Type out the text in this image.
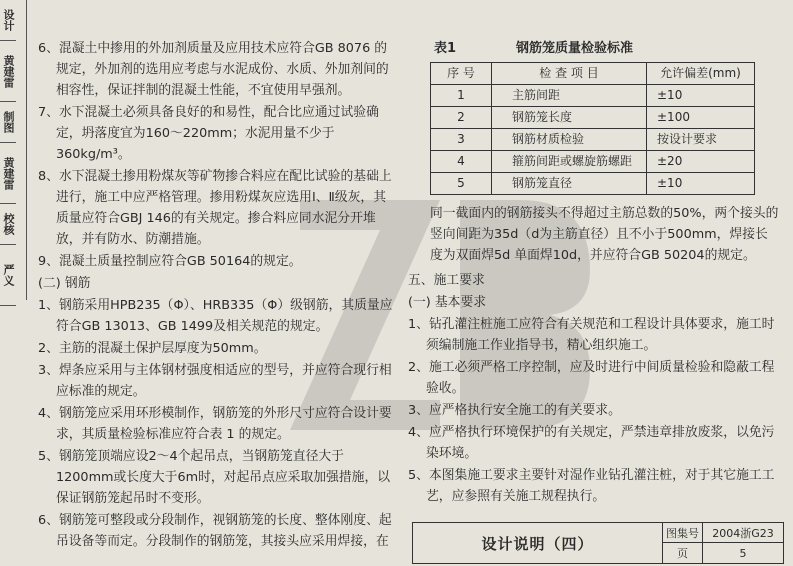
设计
黄建雷
制图
黄建雷
校核
严义

6、混凝土中掺用的外加剂质量及应用技术应符合GB 8076 的规定，外加剂的选用应考虑与水泥成份、水质、外加剂间的相容性，保证拌制的混凝土性能，不宜使用早强剂。

7、水下混凝土必须具备良好的和易性，配合比应通过试验确定，坍落度宜为160～220mm；水泥用量不少于360kg/m³。

8、水下混凝土掺用粉煤灰等矿物掺合料应在配比试验的基础上进行，施工中应严格管理。掺用粉煤灰应选用Ⅰ、Ⅱ级灰，其质量应符合GBJ 146的有关规定。掺合料应同水泥分开堆放，并有防水、防潮措施。

9、混凝土质量控制应符合GB 50164的规定。

(二) 钢筋

1、钢筋采用HPB235（Φ）、HRB335（Φ）级钢筋，其质量应符合GB 13013、GB 1499及相关规范的规定。

2、主筋的混凝土保护层厚度为50mm。

3、焊条应采用与主体钢材强度相适应的型号，并应符合现行相应标准的规定。

4、钢筋笼应采用环形模制作，钢筋笼的外形尺寸应符合设计要求，其质量检验标准应符合表 1 的规定。

5、钢筋笼顶端应设2～4个起吊点，当钢筋笼直径大于1200mm或长度大于6m时，对起吊点应采取加强措施，以保证钢筋笼起吊时不变形。

6、钢筋笼可整段或分段制作，视钢筋笼的长度、整体刚度、起吊设备等而定。分段制作的钢筋笼，其接头应采用焊接，在

表1	钢筋笼质量检验标准
序 号	检 查 项 目	允许偏差(mm)
1	主筋间距	±10
2	钢筋笼长度	±100
3	钢筋材质检验	按设计要求
4	箍筋间距或螺旋筋螺距	±20
5	钢筋笼直径	±10

同一截面内的钢筋接头不得超过主筋总数的50%，两个接头的竖向间距为35d（d为主筋直径）且不小于500mm，焊接长度为双面焊5d 单面焊10d，并应符合GB 50204的规定。

五、施工要求

(一) 基本要求

1、钻孔灌注桩施工应符合有关规范和工程设计具体要求，施工时须编制施工作业指导书，精心组织施工。

2、施工必须严格工序控制，应及时进行中间质量检验和隐蔽工程验收。

3、应严格执行安全施工的有关要求。

4、应严格执行环境保护的有关规定，严禁违章排放废浆，以免污染环境。

5、本图集施工要求主要针对湿作业钻孔灌注桩，对于其它施工工艺，应参照有关施工规程执行。

设计说明（四）
图集号	2004浙G23
页	5
